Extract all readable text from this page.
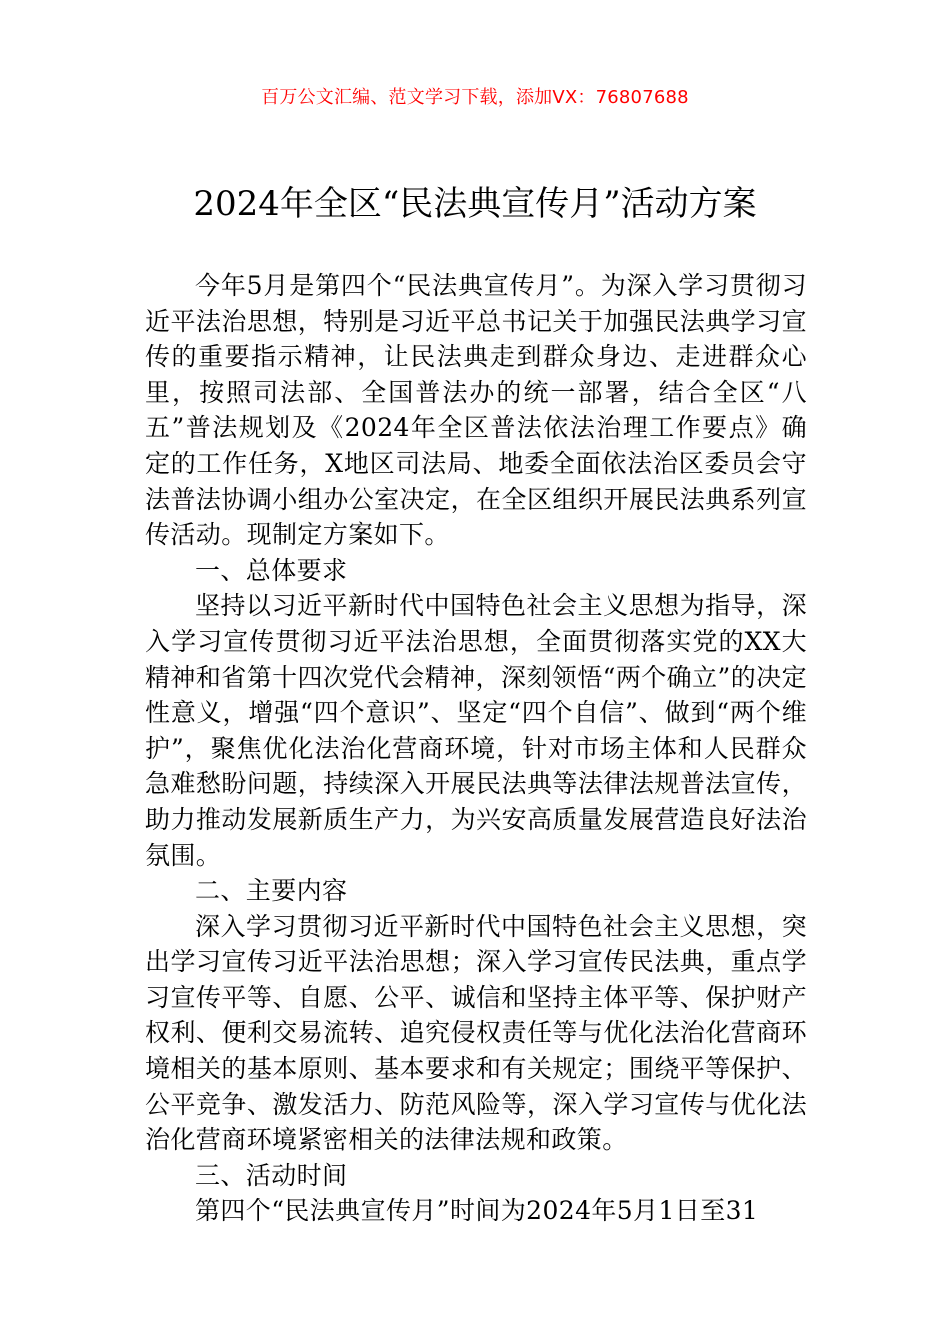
百万公文汇编、范文学习下载，添加VX：76807688
2024年全区“民法典宣传月”活动方案

今年5月是第四个“民法典宣传月”。为深入学习贯彻习近平法治思想，特别是习近平总书记关于加强民法典学习宣传的重要指示精神，让民法典走到群众身边、走进群众心里，按照司法部、全国普法办的统一部署，结合全区“八五”普法规划及《2024年全区普法依法治理工作要点》确定的工作任务，X地区司法局、地委全面依法治区委员会守法普法协调小组办公室决定，在全区组织开展民法典系列宣传活动。现制定方案如下。

一、总体要求

坚持以习近平新时代中国特色社会主义思想为指导，深入学习宣传贯彻习近平法治思想，全面贯彻落实党的XX大精神和省第十四次党代会精神，深刻领悟“两个确立”的决定性意义，增强“四个意识”、坚定“四个自信”、做到“两个维护”，聚焦优化法治化营商环境，针对市场主体和人民群众急难愁盼问题，持续深入开展民法典等法律法规普法宣传，助力推动发展新质生产力，为兴安高质量发展营造良好法治氛围。

二、主要内容

深入学习贯彻习近平新时代中国特色社会主义思想，突出学习宣传习近平法治思想；深入学习宣传民法典，重点学习宣传平等、自愿、公平、诚信和坚持主体平等、保护财产权利、便利交易流转、追究侵权责任等与优化法治化营商环境相关的基本原则、基本要求和有关规定；围绕平等保护、公平竞争、激发活力、防范风险等，深入学习宣传与优化法治化营商环境紧密相关的法律法规和政策。

三、活动时间

第四个“民法典宣传月”时间为2024年5月1日至31
